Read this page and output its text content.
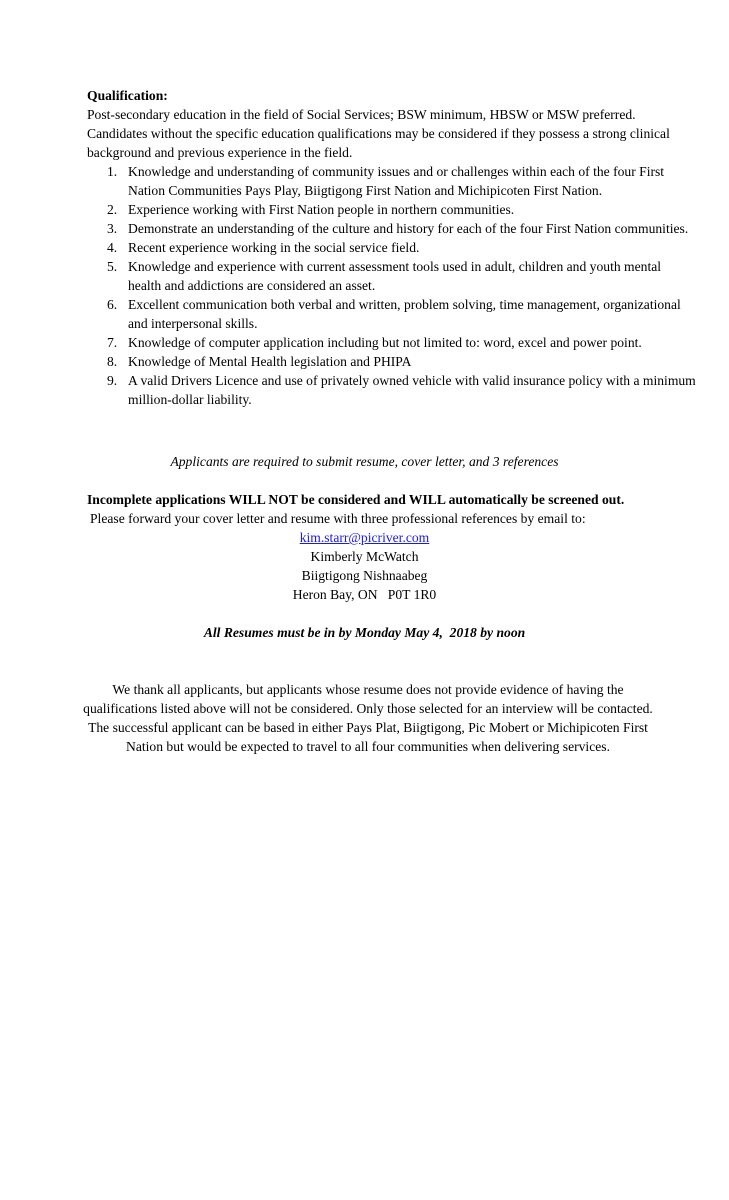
Qualification:

Post-secondary education in the field of Social Services; BSW minimum, HBSW or MSW preferred. Candidates without the specific education qualifications may be considered if they possess a strong clinical background and previous experience in the field.

1. Knowledge and understanding of community issues and or challenges within each of the four First Nation Communities Pays Play, Biigtigong First Nation and Michipicoten First Nation.
2. Experience working with First Nation people in northern communities.
3. Demonstrate an understanding of the culture and history for each of the four First Nation communities.
4. Recent experience working in the social service field.
5. Knowledge and experience with current assessment tools used in adult, children and youth mental health and addictions are considered an asset.
6. Excellent communication both verbal and written, problem solving, time management, organizational and interpersonal skills.
7. Knowledge of computer application including but not limited to: word, excel and power point.
8. Knowledge of Mental Health legislation and PHIPA
9. A valid Drivers Licence and use of privately owned vehicle with valid insurance policy with a minimum million-dollar liability.
Applicants are required to submit resume, cover letter, and 3 references
Incomplete applications WILL NOT be considered and WILL automatically be screened out.
Please forward your cover letter and resume with three professional references by email to:
kim.starr@picriver.com
Kimberly McWatch
Biigtigong Nishnaabeg
Heron Bay, ON   P0T 1R0
All Resumes must be in by Monday May 4,  2018 by noon
We thank all applicants, but applicants whose resume does not provide evidence of having the qualifications listed above will not be considered. Only those selected for an interview will be contacted. The successful applicant can be based in either Pays Plat, Biigtigong, Pic Mobert or Michipicoten First Nation but would be expected to travel to all four communities when delivering services.
